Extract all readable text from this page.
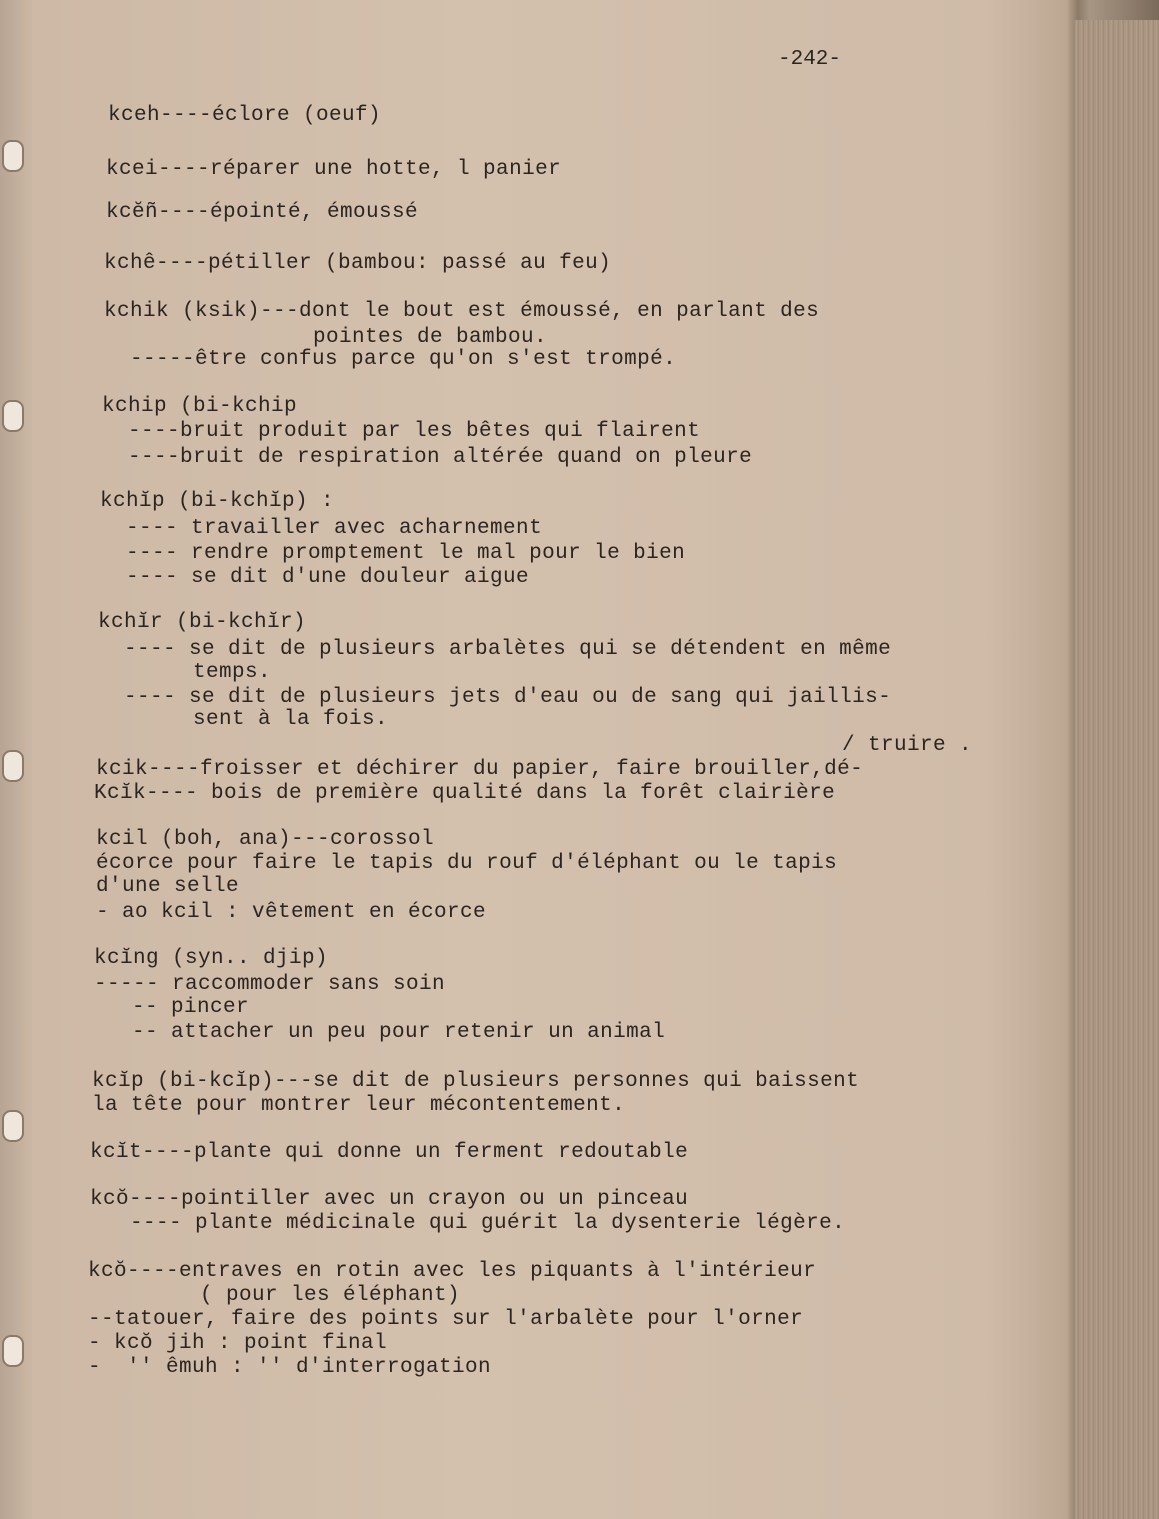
-242-
kceh----éclore (oeuf)
kcei----réparer une hotte, l panier
kcĕñ----épointé, émoussé
kchê----pétiller (bambou: passé au feu)
kchik (ksik)---dont le bout est émoussé, en parlant des
pointes de bambou.
-----être confus parce qu'on s'est trompé.
kchip (bi-kchip
----bruit produit par les bêtes qui flairent
----bruit de respiration altérée quand on pleure
kchĭp (bi-kchĭp) :
---- travailler avec acharnement
---- rendre promptement le mal pour le bien
---- se dit d'une douleur aigue
kchĭr (bi-kchĭr)
---- se dit de plusieurs arbalètes qui se détendent en même
temps.
---- se dit de plusieurs jets d'eau ou de sang qui jaillis-
sent à la fois.
/ truire .
kcik----froisser et déchirer du papier, faire brouiller,dé-
Kcĭk---- bois de première qualité dans la forêt clairière
kcil (boh, ana)---corossol
écorce pour faire le tapis du rouf d'éléphant ou le tapis
d'une selle
- ao kcil : vêtement en écorce
kcĭng (syn.. djip)
----- raccommoder sans soin
-- pincer
-- attacher un peu pour retenir un animal
kcĭp (bi-kcĭp)---se dit de plusieurs personnes qui baissent
la tête pour montrer leur mécontentement.
kcĭt----plante qui donne un ferment redoutable
kcŏ----pointiller avec un crayon ou un pinceau
---- plante médicinale qui guérit la dysenterie légère.
kcŏ----entraves en rotin avec les piquants à l'intérieur
( pour les éléphant)
--tatouer, faire des points sur l'arbalète pour l'orner
- kcŏ jih : point final
-  '' êmuh : '' d'interrogation
